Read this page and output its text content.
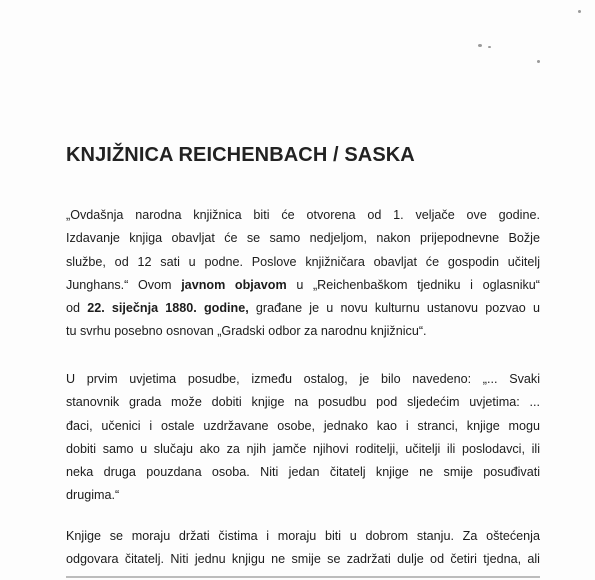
KNJIŽNICA REICHENBACH / SASKA
„Ovdašnja narodna knjižnica biti će otvorena od 1. veljače ove godine.
Izdavanje knjiga obavljat će se samo nedjeljom, nakon prijepodnevne Božje
službe, od 12 sati u podne. Poslove knjižničara obavljat će gospodin učitelj
Junghans.“ Ovom javnom objavom u „Reichenbaškom tjedniku i oglasniku“
od 22. siječnja 1880. godine, građane je u novu kulturnu ustanovu pozvao u
tu svrhu posebno osnovan „Gradski odbor za narodnu knjižnicu“.
U prvim uvjetima posudbe, između ostalog, je bilo navedeno: „... Svaki
stanovnik grada može dobiti knjige na posudbu pod sljedećim uvjetima: ...
đaci, učenici i ostale uzdržavane osobe, jednako kao i stranci, knjige mogu
dobiti samo u slučaju ako za njih jamče njihovi roditelji, učitelji ili poslodavci, ili
neka druga pouzdana osoba. Niti jedan čitatelj knjige ne smije posuđivati
drugima.“
Knjige se moraju držati čistima i moraju biti u dobrom stanju. Za oštećenja
odgovara čitatelj. Niti jednu knjigu ne smije se zadržati dulje od četiri tjedna, ali
